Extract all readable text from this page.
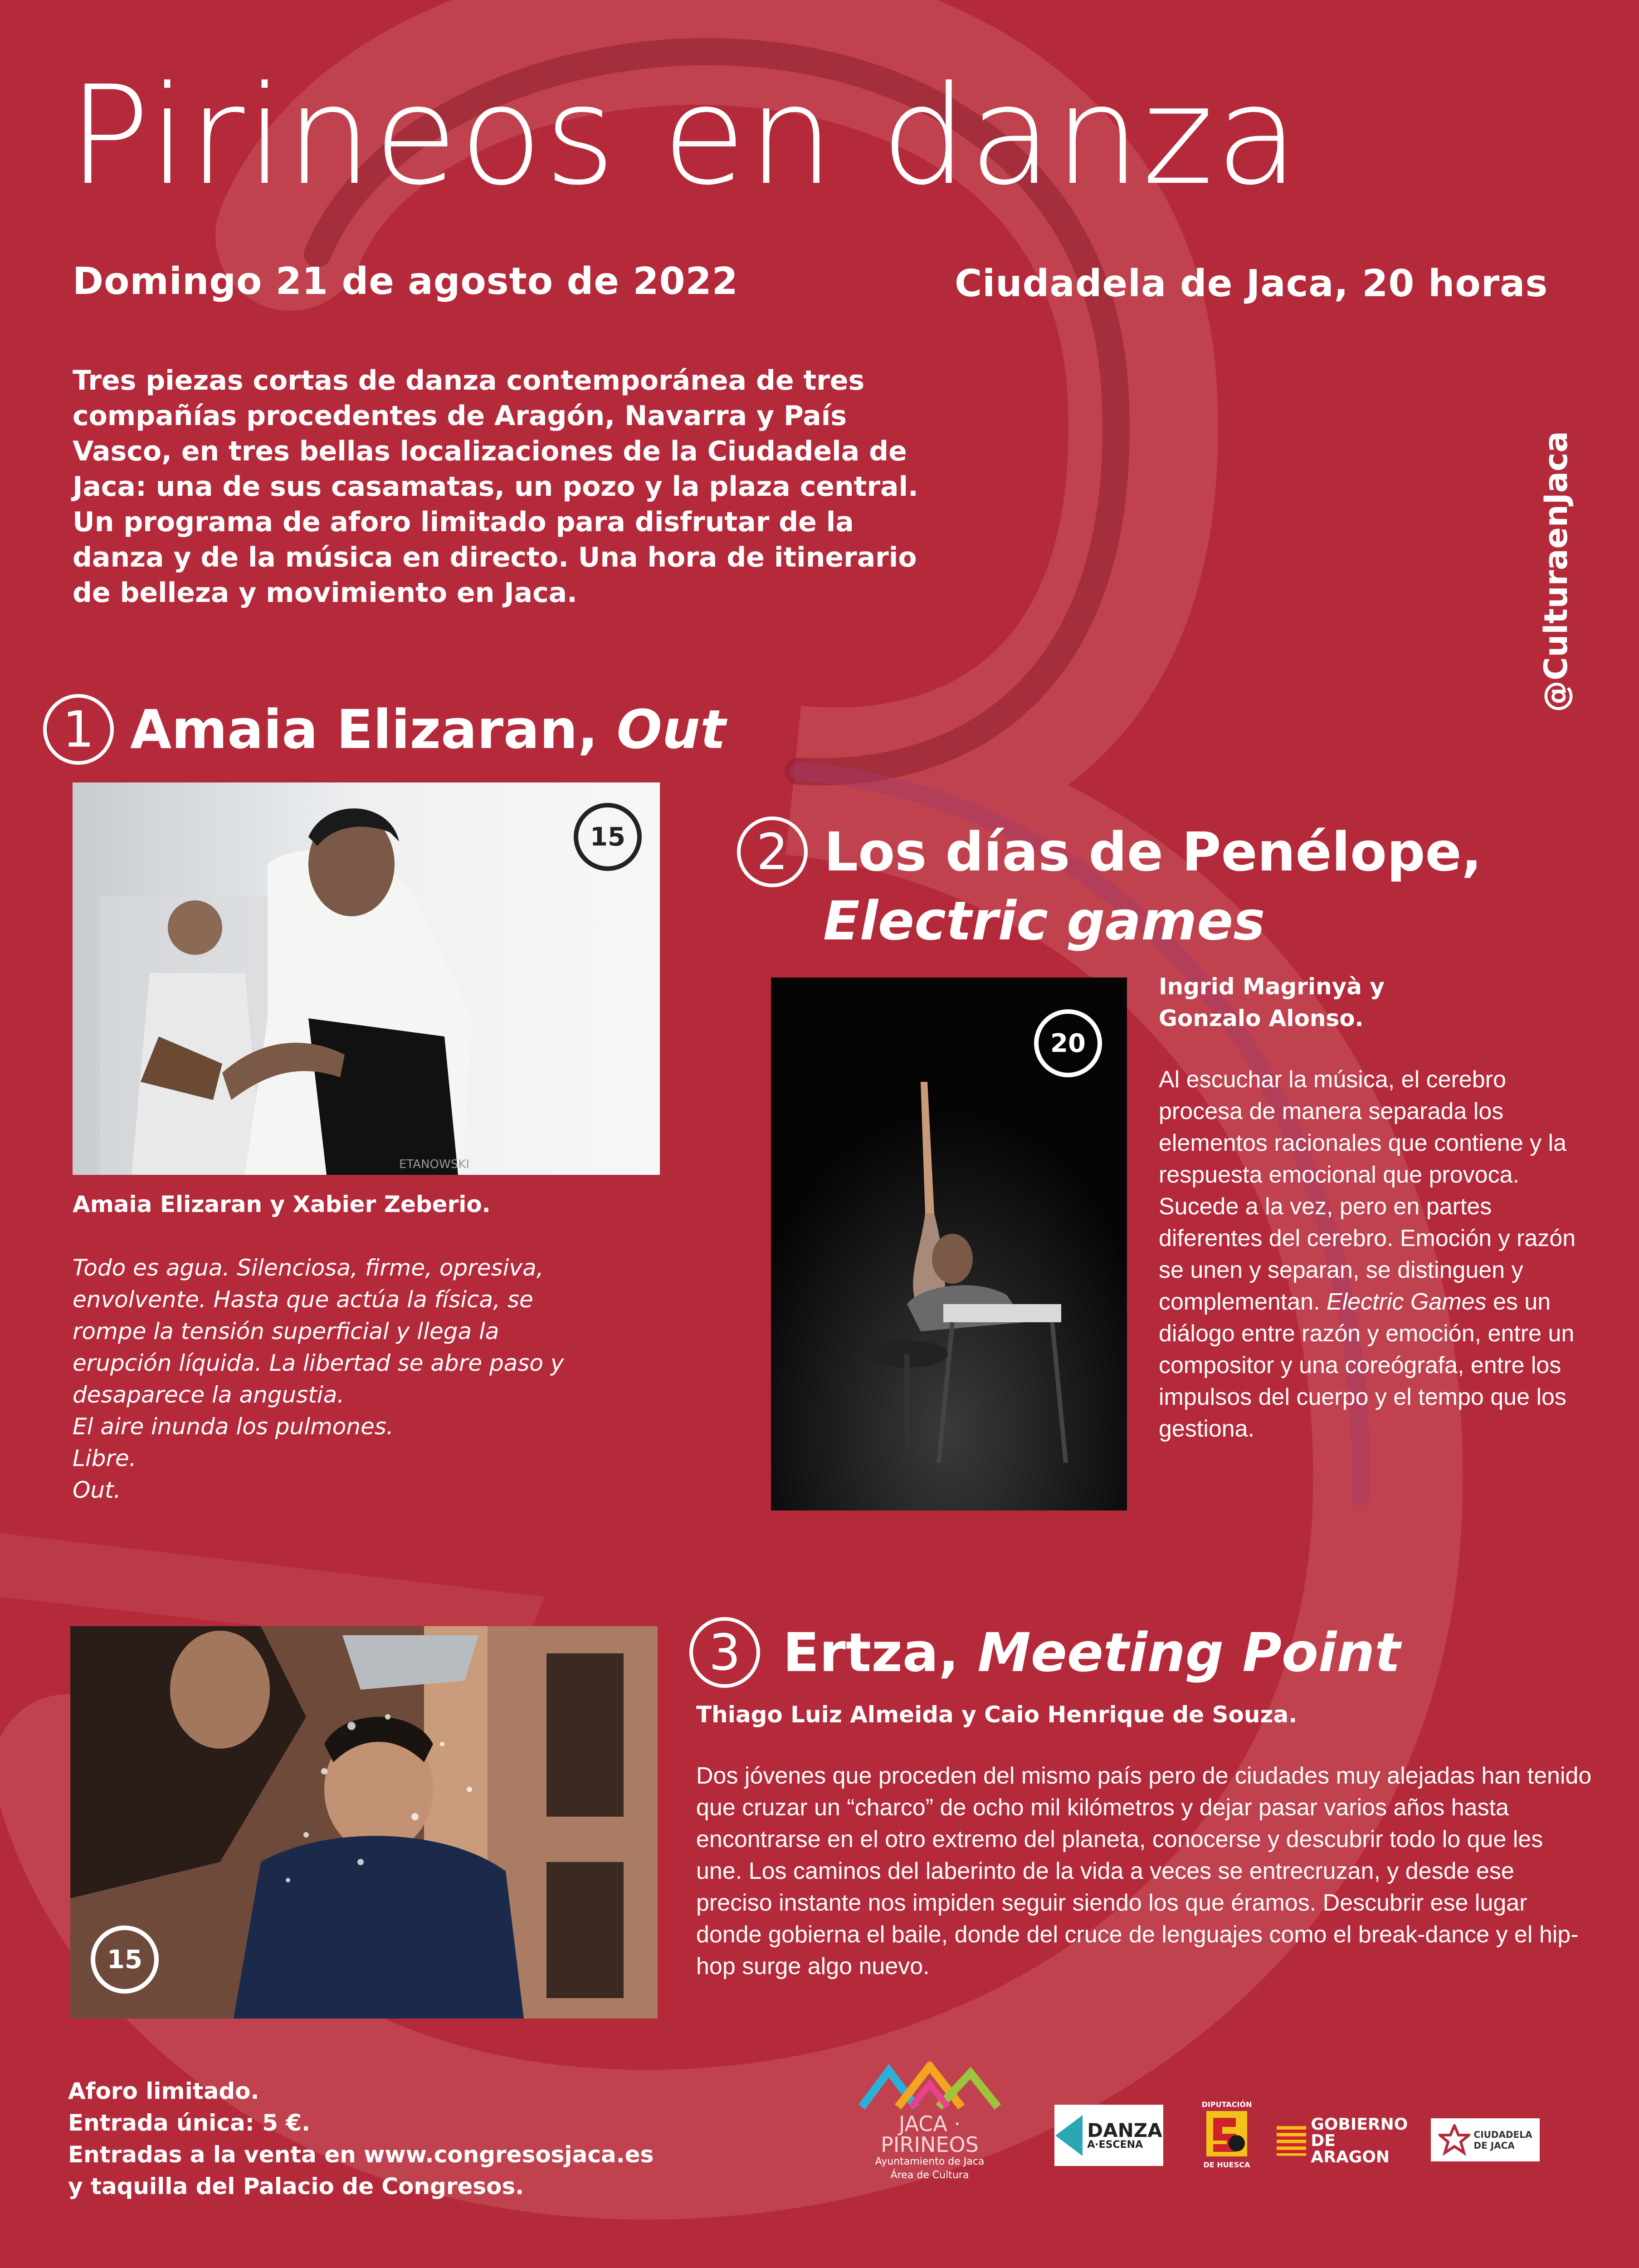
Pirineos en danza
Domingo 21 de agosto de 2022	Ciudadela de Jaca, 20 horas
Tres piezas cortas de danza contemporánea de tres compañías procedentes de Aragón, Navarra y País Vasco, en tres bellas localizaciones de la Ciudadela de Jaca: una de sus casamatas, un pozo y la plaza central. Un programa de aforo limitado para disfrutar de la danza y de la música en directo. Una hora de itinerario de belleza y movimiento en Jaca.	@CulturaenJaca
1 Amaia Elizaran,
Out
ETANOWSKI
15
Amaia Elizaran y Xabier Zeberio.
Todo es agua. Silenciosa, firme, opresiva,
envolvente. Hasta que actúa la física, se
rompe la tensión superficial y llega la
erupción líquida. La libertad se abre paso y
desaparece la angustia.
El aire inunda los pulmones.
Libre.
Out.
2 Los días de Penélope,
Electric games
20
Ingrid Magrinyà y Gonzalo Alonso.
Al escuchar la música, el cerebro procesa de manera separada los elementos racionales que contiene y la respuesta emocional que provoca. Sucede a la vez, pero en partes diferentes del cerebro. Emoción y razón se unen y separan, se distinguen y complementan. Electric Games es un diálogo entre razón y emoción, entre un compositor y una coreógrafa, entre los impulsos del cuerpo y el tempo que los gestiona.
3 Ertza,
Meeting Point
15
Thiago Luiz Almeida y Caio Henrique de Souza.
Dos jóvenes que proceden del mismo país pero de ciudades muy alejadas han tenido que cruzar un “charco” de ocho mil kilómetros y dejar pasar varios años hasta encontrarse en el otro extremo del planeta, conocerse y descubrir todo lo que les une. Los caminos del laberinto de la vida a veces se entrecruzan, y desde ese preciso instante nos impiden seguir siendo los que éramos. Descubrir ese lugar donde gobierna el baile, donde del cruce de lenguajes como el break-dance y el hip-hop surge algo nuevo.
Aforo limitado.
Entrada única: 5 €.
Entradas a la venta en www.congresosjaca.es
y taquilla del Palacio de Congresos.
JACA · PIRINEOS
Ayuntamiento de Jaca
Área de Cultura
DANZA
A·ESCENA
DIPUTACIÓN
DE HUESCA
GOBIERNO
DE ARAGON
CIUDADELA
DE JACA
